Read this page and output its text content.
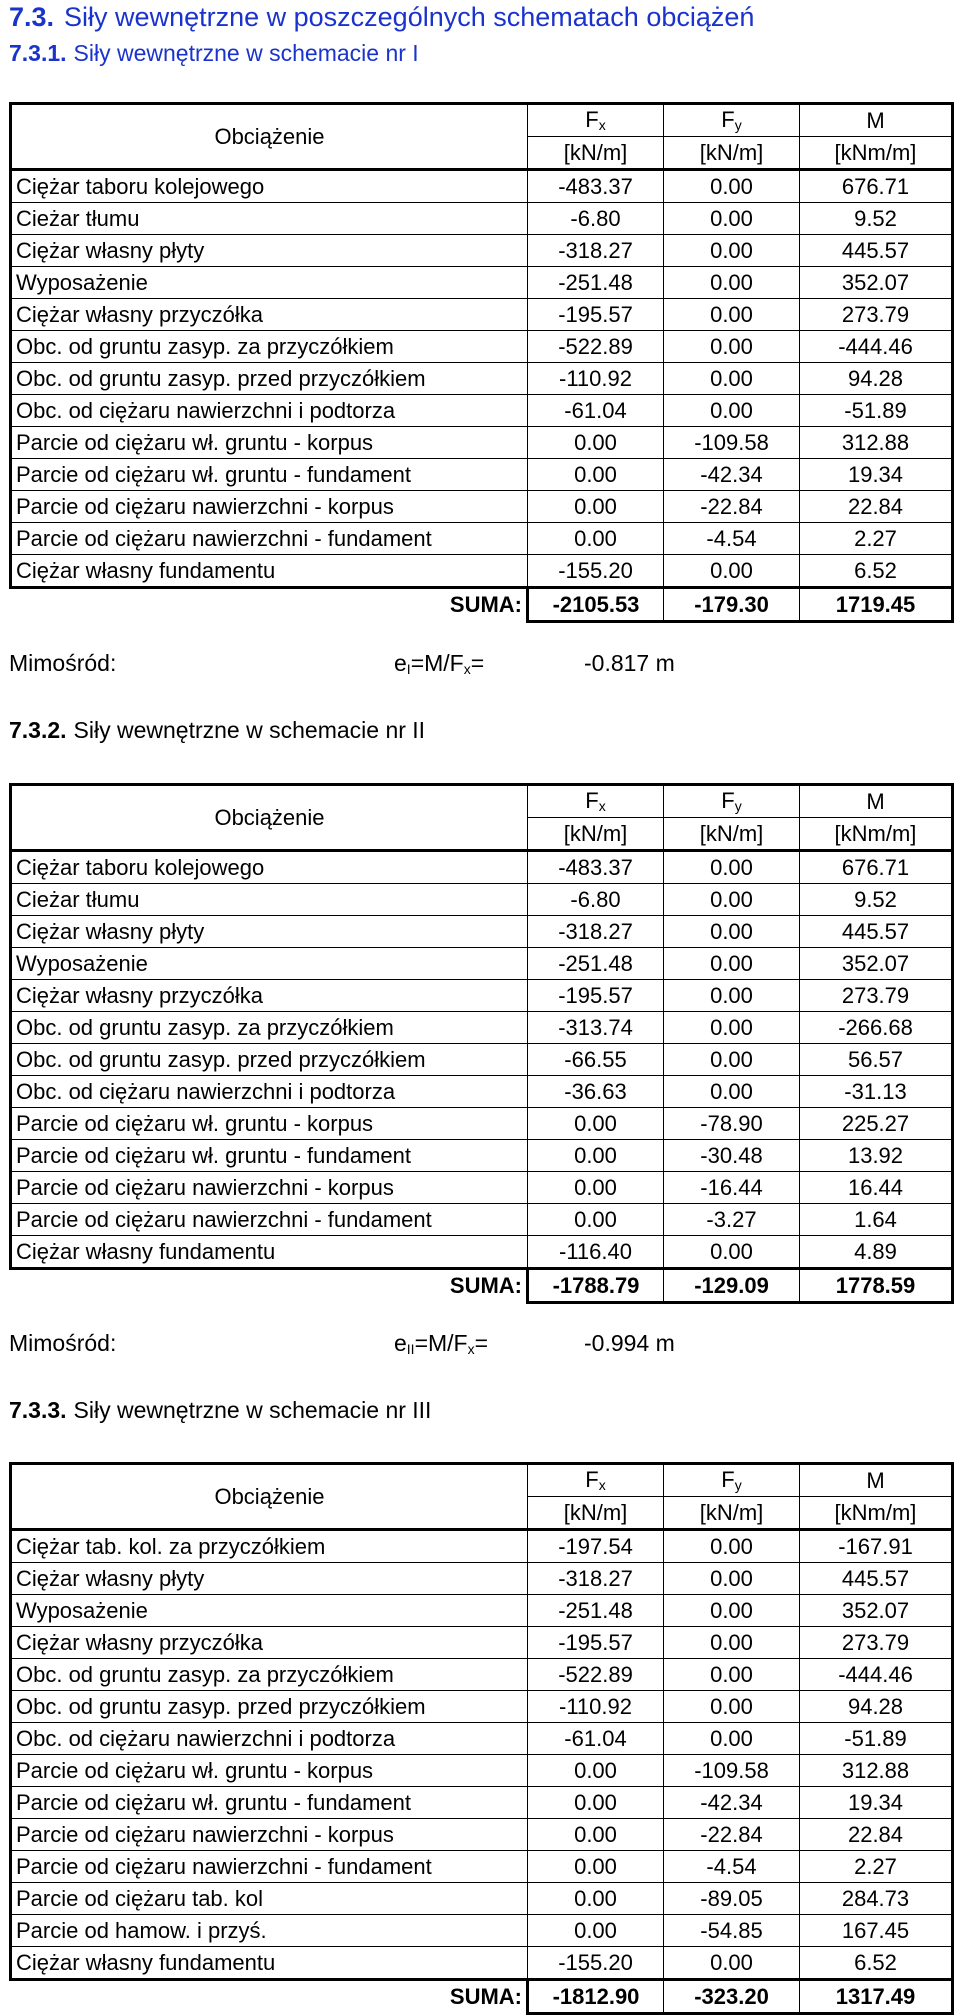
7.3. Siły wewnętrzne w poszczególnych schematach obciążeń
7.3.1. Siły wewnętrzne w schemacie nr I
Obciążenie	$F_x$	$F_y$	M
	[kN/m]	[kN/m]	[kNm/m]
Ciężar taboru kolejowego	-483.37	0.00	676.71
Cieżar tłumu	-6.80	0.00	9.52
Ciężar własny płyty	-318.27	0.00	445.57
Wyposażenie	-251.48	0.00	352.07
Ciężar własny przyczółka	-195.57	0.00	273.79
Obc. od gruntu zasyp. za przyczółkiem	-522.89	0.00	-444.46
Obc. od gruntu zasyp. przed przyczółkiem	-110.92	0.00	94.28
Obc. od ciężaru nawierzchni i podtorza	-61.04	0.00	-51.89
Parcie od ciężaru wł. gruntu - korpus	0.00	-109.58	312.88
Parcie od ciężaru wł. gruntu - fundament	0.00	-42.34	19.34
Parcie od ciężaru nawierzchni - korpus	0.00	-22.84	22.84
Parcie od ciężaru nawierzchni - fundament	0.00	-4.54	2.27
Ciężar własny fundamentu	-155.20	0.00	6.52
SUMA:	-2105.53	-179.30	1719.45
Mimośród:	$e_I=M/F_x=$	-0.817 m
7.3.2. Siły wewnętrzne w schemacie nr II
Obciążenie	$F_x$	$F_y$	M
	[kN/m]	[kN/m]	[kNm/m]
Ciężar taboru kolejowego	-483.37	0.00	676.71
Cieżar tłumu	-6.80	0.00	9.52
Ciężar własny płyty	-318.27	0.00	445.57
Wyposażenie	-251.48	0.00	352.07
Ciężar własny przyczółka	-195.57	0.00	273.79
Obc. od gruntu zasyp. za przyczółkiem	-313.74	0.00	-266.68
Obc. od gruntu zasyp. przed przyczółkiem	-66.55	0.00	56.57
Obc. od ciężaru nawierzchni i podtorza	-36.63	0.00	-31.13
Parcie od ciężaru wł. gruntu - korpus	0.00	-78.90	225.27
Parcie od ciężaru wł. gruntu - fundament	0.00	-30.48	13.92
Parcie od ciężaru nawierzchni - korpus	0.00	-16.44	16.44
Parcie od ciężaru nawierzchni - fundament	0.00	-3.27	1.64
Ciężar własny fundamentu	-116.40	0.00	4.89
SUMA:	-1788.79	-129.09	1778.59
Mimośród:	$e_{II}=M/F_x=$	-0.994 m
7.3.3. Siły wewnętrzne w schemacie nr III
Obciążenie	$F_x$	$F_y$	M
	[kN/m]	[kN/m]	[kNm/m]
Ciężar tab. kol. za przyczółkiem	-197.54	0.00	-167.91
Ciężar własny płyty	-318.27	0.00	445.57
Wyposażenie	-251.48	0.00	352.07
Ciężar własny przyczółka	-195.57	0.00	273.79
Obc. od gruntu zasyp. za przyczółkiem	-522.89	0.00	-444.46
Obc. od gruntu zasyp. przed przyczółkiem	-110.92	0.00	94.28
Obc. od ciężaru nawierzchni i podtorza	-61.04	0.00	-51.89
Parcie od ciężaru wł. gruntu - korpus	0.00	-109.58	312.88
Parcie od ciężaru wł. gruntu - fundament	0.00	-42.34	19.34
Parcie od ciężaru nawierzchni - korpus	0.00	-22.84	22.84
Parcie od ciężaru nawierzchni - fundament	0.00	-4.54	2.27
Parcie od ciężaru tab. kol	0.00	-89.05	284.73
Parcie od hamow. i przyś.	0.00	-54.85	167.45
Ciężar własny fundamentu	-155.20	0.00	6.52
SUMA:	-1812.90	-323.20	1317.49
